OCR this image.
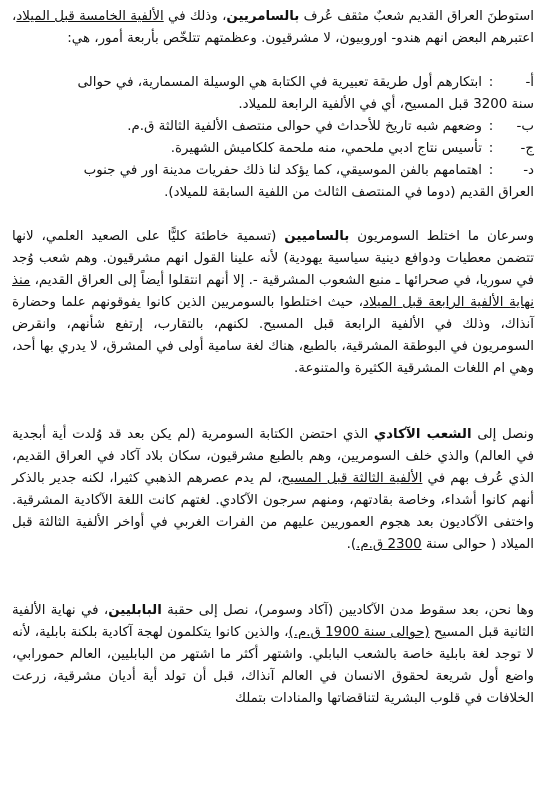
استوطنَ العراق القديم شعبٌ مثقف عُرف بالسامريين، وذلك في الألفية الخامسة قبل الميلاد، اعتبرهم البعض انهم هندو- اوروبيون، لا مشرقيون. وعظمتهم تتلخّص بأربعة أمور، هي:

أ-
:
ابتكارهم أول طريقة تعبيرية في الكتابة هي الوسيلة المسمارية، في حوالى

سنة 3200 قبل المسيح، أي في الألفية الرابعة للميلاد.

ب-
:
وضعهم شبه تاريخ للأحداث في حوالى منتصف الألفية الثالثة ق.م.
ج-
:
تأسيس نتاج ادبي ملحمي، منه ملحمة كلكاميش الشهيرة.
د-
:
اهتمامهم بالفن الموسيقي، كما يؤكد لنا ذلك حفريات مدينة اور في جنوب

العراق القديم (دوما في المنتصف الثالث من اللفية السابقة للميلاد).

وسرعان ما اختلط السومريون بالساميين (تسمية خاطئة كليًّا على الصعيد العلمي، لانها تتضمن معطيات ودوافع دينية سياسية يهودية) لأنه علينا القول انهم مشرقيون. وهم شعب وُجد في سوريا، في صحرائها ـ منبع الشعوب المشرقية -. إلا أنهم انتقلوا أيضاً إلى العراق القديم، منذ نهاية الألفية الرابعة قبل الميلاد، حيث اختلطوا بالسومريين الذين كانوا يفوقونهم علما وحضارة آنذاك، وذلك في الألفية الرابعة قبل المسيح. لكنهم، بالتقارب، إرتفع شأنهم، وانقرض السومريون في البوطقة المشرقية، بالطبع، هناك لغة سامية أولى في المشرق، لا يدري بها أحد، وهي ام اللغات المشرقية الكثيرة والمتنوعة.

ونصل إلى الشعب الآكادي الذي احتضن الكتابة السومرية (لم يكن بعد قد وُلدت أية أبجدية في العالم) والذي خلف السومريين، وهم بالطبع مشرقيون، سكان بلاد آكاد في العراق القديم، الذي عُرف بهم في الألفية الثالثة قبل المسيح، لم يدم عصرهم الذهبي كثيرا، لكنه جدير بالذكر أنهم كانوا أشداء، وخاصة بقادتهم، ومنهم سرجون الآكادي. لغتهم كانت اللغة الآكادية المشرقية. واختفى الآكاديون بعد هجوم العموريين عليهم من الفرات الغربي في أواخر الألفية الثالثة قبل الميلاد ( حوالى سنة 2300 ق.م.).

وها نحن، بعد سقوط مدن الآكاديين (آكاد وسومر)، نصل إلى حقبة البابليين، في نهاية الألفية الثانية قبل المسيح (حوالى سنة 1900 ق.م.)، والذين كانوا يتكلمون لهجة آكادية بلكنة بابلية، لأنه لا توجد لغة بابلية خاصة بالشعب البابلي. واشتهر أكثر ما اشتهر من البابليين، العالم حمورابي، واضع أول شريعة لحقوق الانسان في العالم آنذاك، قبل أن تولد أية أديان مشرقية، زرعت الخلافات في قلوب البشرية لتناقضاتها والمنادات بتملك
